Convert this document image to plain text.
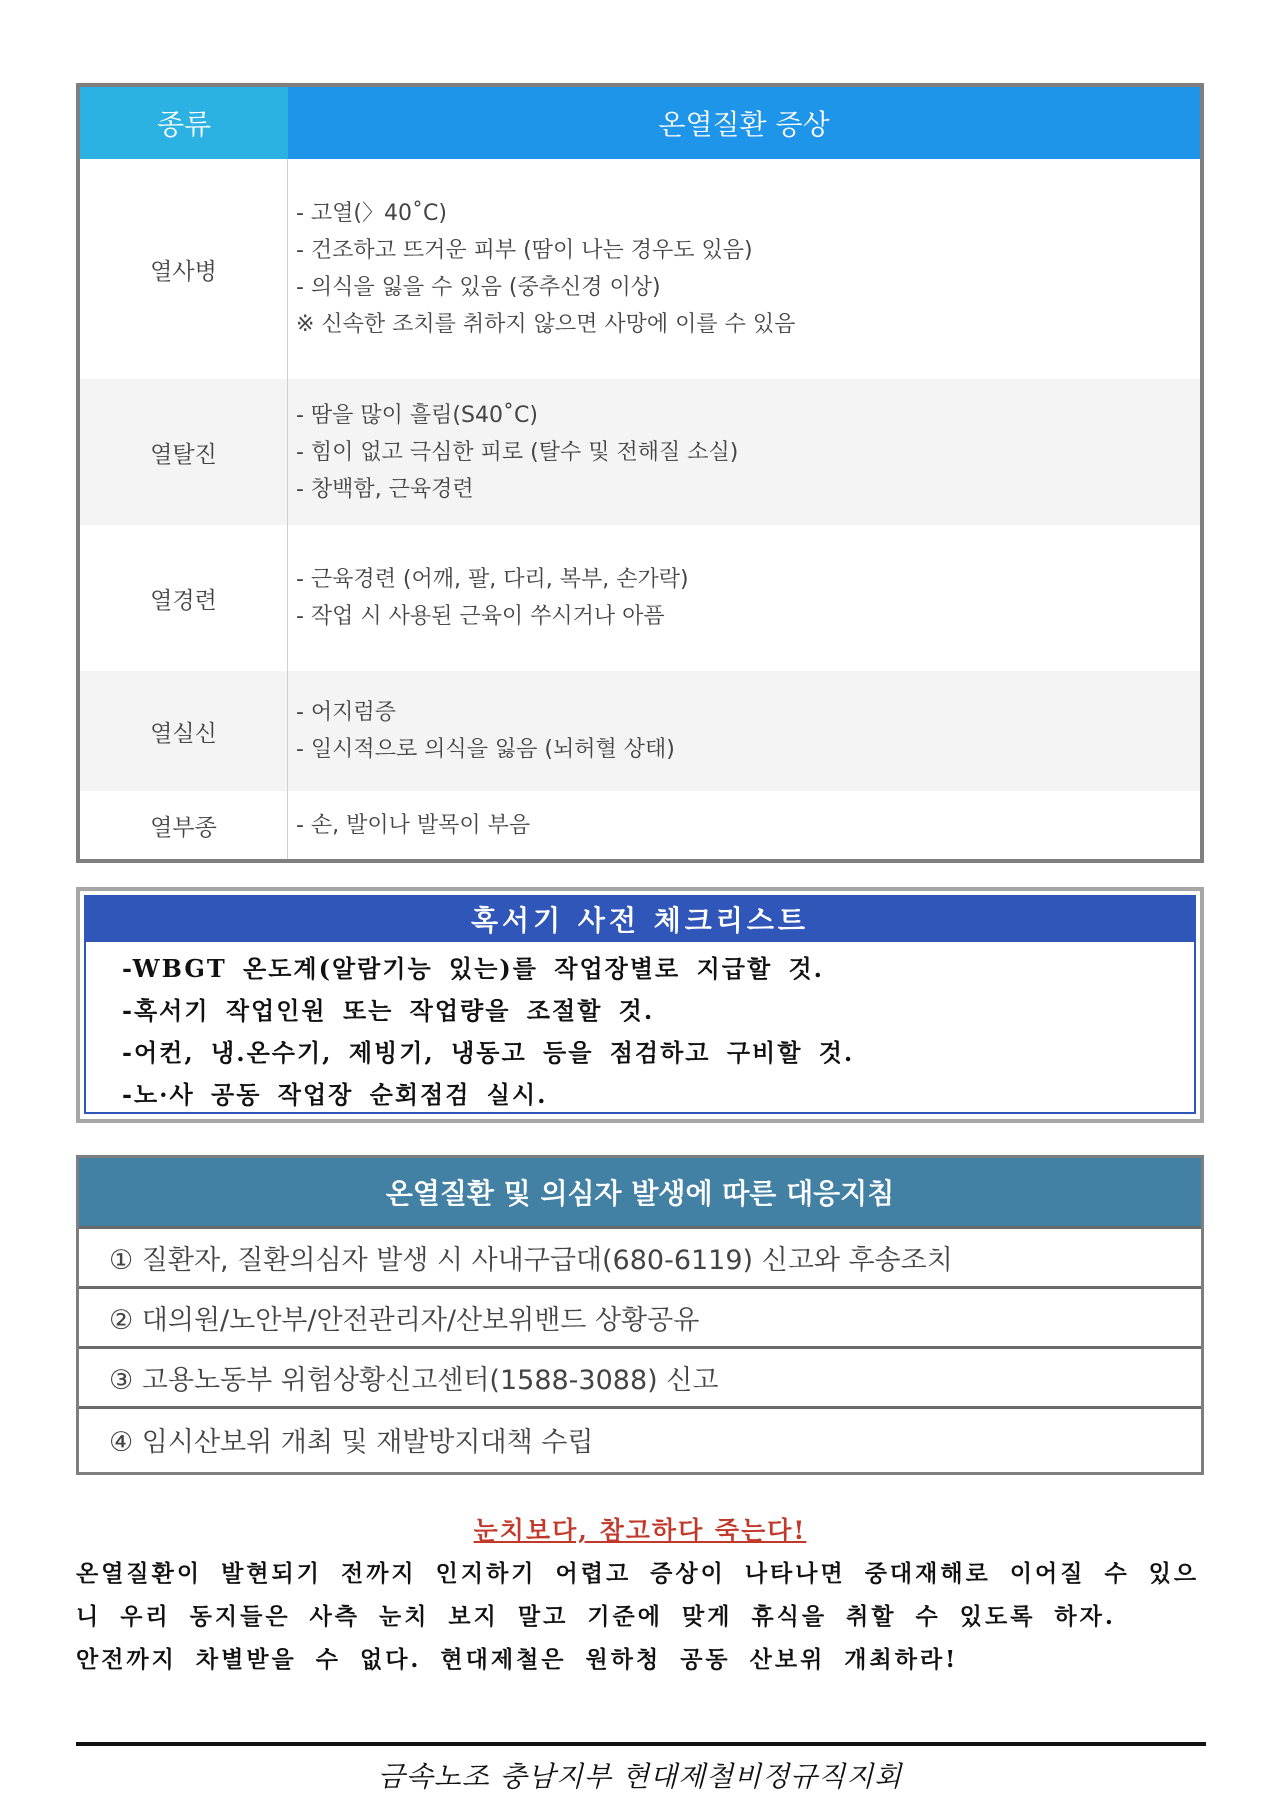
종류	온열질환 증상
열사병
- 고열(〉40˚C)
- 건조하고 뜨거운 피부 (땀이 나는 경우도 있음)
- 의식을 잃을 수 있음 (중추신경 이상)
※ 신속한 조치를 취하지 않으면 사망에 이를 수 있음
열탈진
- 땀을 많이 흘림(S40˚C)
- 힘이 없고 극심한 피로 (탈수 및 전해질 소실)
- 창백함, 근육경련
열경련
- 근육경련 (어깨, 팔, 다리, 복부, 손가락)
- 작업 시 사용된 근육이 쑤시거나 아픔
열실신
- 어지럼증
- 일시적으로 의식을 잃음 (뇌허혈 상태)
열부종	- 손, 발이나 발목이 부음
혹서기 사전 체크리스트
-WBGT 온도계(알람기능 있는)를 작업장별로 지급할 것.
-혹서기 작업인원 또는 작업량을 조절할 것.
-어컨, 냉.온수기, 제빙기, 냉동고 등을 점검하고 구비할 것.
-노·사 공동 작업장 순회점검 실시.
온열질환 및 의심자 발생에 따른 대응지침
① 질환자, 질환의심자 발생 시 사내구급대(680-6119) 신고와 후송조치
② 대의원/노안부/안전관리자/산보위밴드 상황공유
③ 고용노동부 위험상황신고센터(1588-3088) 신고
④ 임시산보위 개최 및 재발방지대책 수립
눈치보다, 참고하다 죽는다!
온열질환이 발현되기 전까지 인지하기 어렵고 증상이 나타나면 중대재해로 이어질 수 있으
니 우리 동지들은 사측 눈치 보지 말고 기준에 맞게 휴식을 취할 수 있도록 하자.
안전까지 차별받을 수 없다. 현대제철은 원하청 공동 산보위 개최하라!
금속노조 충남지부 현대제철비정규직지회
